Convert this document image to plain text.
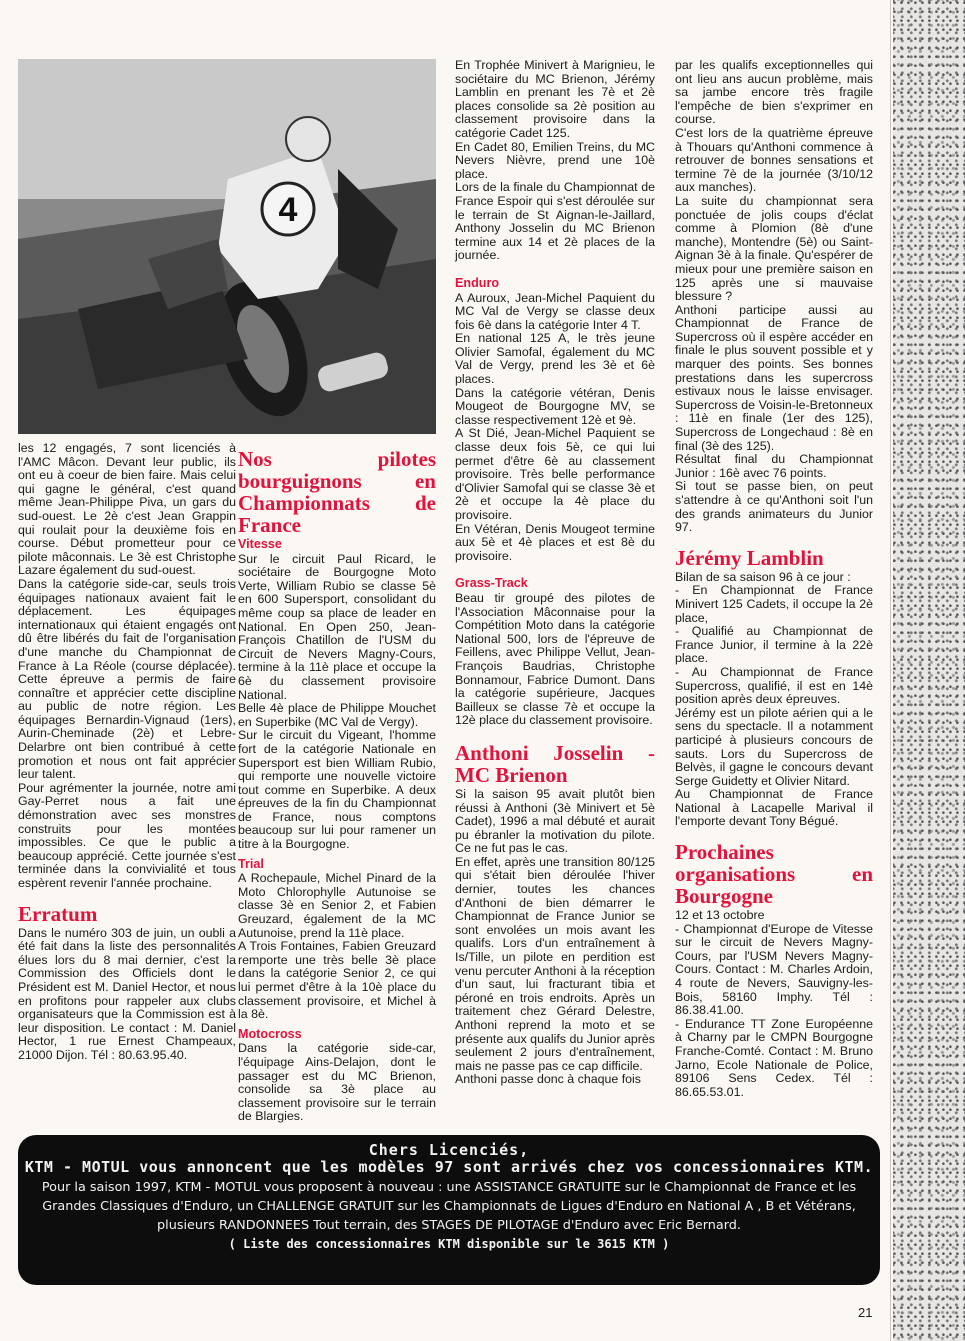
4

les 12 engagés, 7 sont licenciés à l'AMC Mâcon. Devant leur public, ils ont eu à coeur de bien faire. Mais celui qui gagne le général, c'est quand même Jean-Philippe Piva, un gars du sud-ouest. Le 2è c'est Jean Grappin qui roulait pour la deuxième fois en course. Début prometteur pour ce pilote mâconnais. Le 3è est Christophe Lazare également du sud-ouest.

Dans la catégorie side-car, seuls trois équipages nationaux avaient fait le déplacement. Les équipages internationaux qui étaient engagés ont dû être libérés du fait de l'organisation d'une manche du Championnat de France à La Réole (course déplacée). Cette épreuve a permis de faire connaître et apprécier cette discipline au public de notre région. Les équipages Bernardin-Vignaud (1ers), Aurin-Cheminade (2è) et Lebre-Delarbre ont bien contribué à cette promotion et nous ont fait apprécier leur talent.

Pour agrémenter la journée, notre ami Gay-Perret nous a fait une démonstration avec ses monstres construits pour les montées impossibles. Ce que le public a beaucoup apprécié. Cette journée s'est terminée dans la convivialité et tous espèrent revenir l'année prochaine.

Erratum

Dans le numéro 303 de juin, un oubli a été fait dans la liste des personnalités élues lors du 8 mai dernier, c'est la Commission des Officiels dont le Président est M. Daniel Hector, et nous en profitons pour rappeler aux clubs organisateurs que la Commission est à leur disposition. Le contact : M. Daniel Hector, 1 rue Ernest Champeaux, 21000 Dijon. Tél : 80.63.95.40.

Nos pilotes bourguignons en Championnats de France
Vitesse

Sur le circuit Paul Ricard, le sociétaire de Bourgogne Moto Verte, William Rubio se classe 5è en 600 Supersport, consolidant du même coup sa place de leader en National. En Open 250, Jean-François Chatillon de l'USM du Circuit de Nevers Magny-Cours, termine à la 11è place et occupe la 6è du classement provisoire National.

Belle 4è place de Philippe Mouchet en Superbike (MC Val de Vergy).

Sur le circuit du Vigeant, l'homme fort de la catégorie Nationale en Supersport est bien William Rubio, qui remporte une nouvelle victoire tout comme en Superbike. A deux épreuves de la fin du Championnat de France, nous comptons beaucoup sur lui pour ramener un titre à la Bourgogne.

Trial

A Rochepaule, Michel Pinard de la Moto Chlorophylle Autunoise se classe 3è en Senior 2, et Fabien Greuzard, également de la MC Autunoise, prend la 11è place.

A Trois Fontaines, Fabien Greuzard remporte une très belle 3è place dans la catégorie Senior 2, ce qui lui permet d'être à la 10è place du classement provisoire, et Michel à la 8è.

Motocross

Dans la catégorie side-car, l'équipage Ains-Delajon, dont le passager est du MC Brienon, consolide sa 3è place au classement provisoire sur le terrain de Blargies.

En Trophée Minivert à Marignieu, le sociétaire du MC Brienon, Jérémy Lamblin en prenant les 7è et 2è places consolide sa 2è position au classement provisoire dans la catégorie Cadet 125.

En Cadet 80, Emilien Treins, du MC Nevers Nièvre, prend une 10è place.

Lors de la finale du Championnat de France Espoir qui s'est déroulée sur le terrain de St Aignan-le-Jaillard, Anthony Josselin du MC Brienon termine aux 14 et 2è places de la journée.

Enduro

A Auroux, Jean-Michel Paquient du MC Val de Vergy se classe deux fois 6è dans la catégorie Inter 4 T.

En national 125 A, le très jeune Olivier Samofal, également du MC Val de Vergy, prend les 3è et 6è places.

Dans la catégorie vétéran, Denis Mougeot de Bourgogne MV, se classe respectivement 12è et 9è.

A St Dié, Jean-Michel Paquient se classe deux fois 5è, ce qui lui permet d'être 6è au classement provisoire. Très belle performance d'Olivier Samofal qui se classe 3è et 2è et occupe la 4è place du provisoire.

En Vétéran, Denis Mougeot termine aux 5è et 4è places et est 8è du provisoire.

Grass-Track

Beau tir groupé des pilotes de l'Association Mâconnaise pour la Compétition Moto dans la catégorie National 500, lors de l'épreuve de Feillens, avec Philippe Vellut, Jean-François Baudrias, Christophe Bonnamour, Fabrice Dumont. Dans la catégorie supérieure, Jacques Bailleux se classe 7è et occupe la 12è place du classement provisoire.

Anthoni Josselin - MC Brienon

Si la saison 95 avait plutôt bien réussi à Anthoni (3è Minivert et 5è Cadet), 1996 a mal débuté et aurait pu ébranler la motivation du pilote. Ce ne fut pas le cas.

En effet, après une transition 80/125 qui s'était bien déroulée l'hiver dernier, toutes les chances d'Anthoni de bien démarrer le Championnat de France Junior se sont envolées un mois avant les qualifs. Lors d'un entraînement à Is/Tille, un pilote en perdition est venu percuter Anthoni à la réception d'un saut, lui fracturant tibia et péroné en trois endroits. Après un traitement chez Gérard Delestre, Anthoni reprend la moto et se présente aux qualifs du Junior après seulement 2 jours d'entraînement, mais ne passe pas ce cap difficile.

Anthoni passe donc à chaque fois

par les qualifs exceptionnelles qui ont lieu ans aucun problème, mais sa jambe encore très fragile l'empêche de bien s'exprimer en course.

C'est lors de la quatrième épreuve à Thouars qu'Anthoni commence à retrouver de bonnes sensations et termine 7è de la journée (3/10/12 aux manches).

La suite du championnat sera ponctuée de jolis coups d'éclat comme à Plomion (8è d'une manche), Montendre (5è) ou Saint-Aignan 3è à la finale. Qu'espérer de mieux pour une première saison en 125 après une si mauvaise blessure ?

Anthoni participe aussi au Championnat de France de Supercross où il espère accéder en finale le plus souvent possible et y marquer des points. Ses bonnes prestations dans les supercross estivaux nous le laisse envisager. Supercross de Voisin-le-Bretonneux : 11è en finale (1er des 125), Supercross de Longechaud : 8è en final (3è des 125).

Résultat final du Championnat Junior : 16è avec 76 points.

Si tout se passe bien, on peut s'attendre à ce qu'Anthoni soit l'un des grands animateurs du Junior 97.

Jérémy Lamblin

Bilan de sa saison 96 à ce jour :

- En Championnat de France Minivert 125 Cadets, il occupe la 2è place,

- Qualifié au Championnat de France Junior, il termine à la 22è place.

- Au Championnat de France Supercross, qualifié, il est en 14è position après deux épreuves.

Jérémy est un pilote aérien qui a le sens du spectacle. Il a notamment participé à plusieurs concours de sauts. Lors du Supercross de Belvès, il gagne le concours devant Serge Guidetty et Olivier Nitard.

Au Championnat de France National à Lacapelle Marival il l'emporte devant Tony Bégué.

Prochaines organisations en Bourgogne

12 et 13 octobre

- Championnat d'Europe de Vitesse sur le circuit de Nevers Magny-Cours, par l'USM Nevers Magny-Cours. Contact : M. Charles Ardoin, 4 route de Nevers, Sauvigny-les-Bois, 58160 Imphy. Tél : 86.38.41.00.

- Endurance TT Zone Européenne à Charny par le CMPN Bourgogne Franche-Comté. Contact : M. Bruno Jarno, Ecole Nationale de Police, 89106 Sens Cedex. Tél : 86.65.53.01.

Chers Licenciés,
KTM - MOTUL vous annoncent que les modèles 97 sont arrivés chez vos concessionnaires KTM.
Pour la saison 1997, KTM - MOTUL vous proposent à nouveau : une ASSISTANCE GRATUITE sur le Championnat de France et les Grandes Classiques d'Enduro, un CHALLENGE GRATUIT sur les Championnats de Ligues d'Enduro en National A , B et Vétérans, plusieurs RANDONNEES Tout terrain, des STAGES DE PILOTAGE d'Enduro avec Eric Bernard.
( Liste des concessionnaires KTM disponible sur le 3615 KTM )
21
